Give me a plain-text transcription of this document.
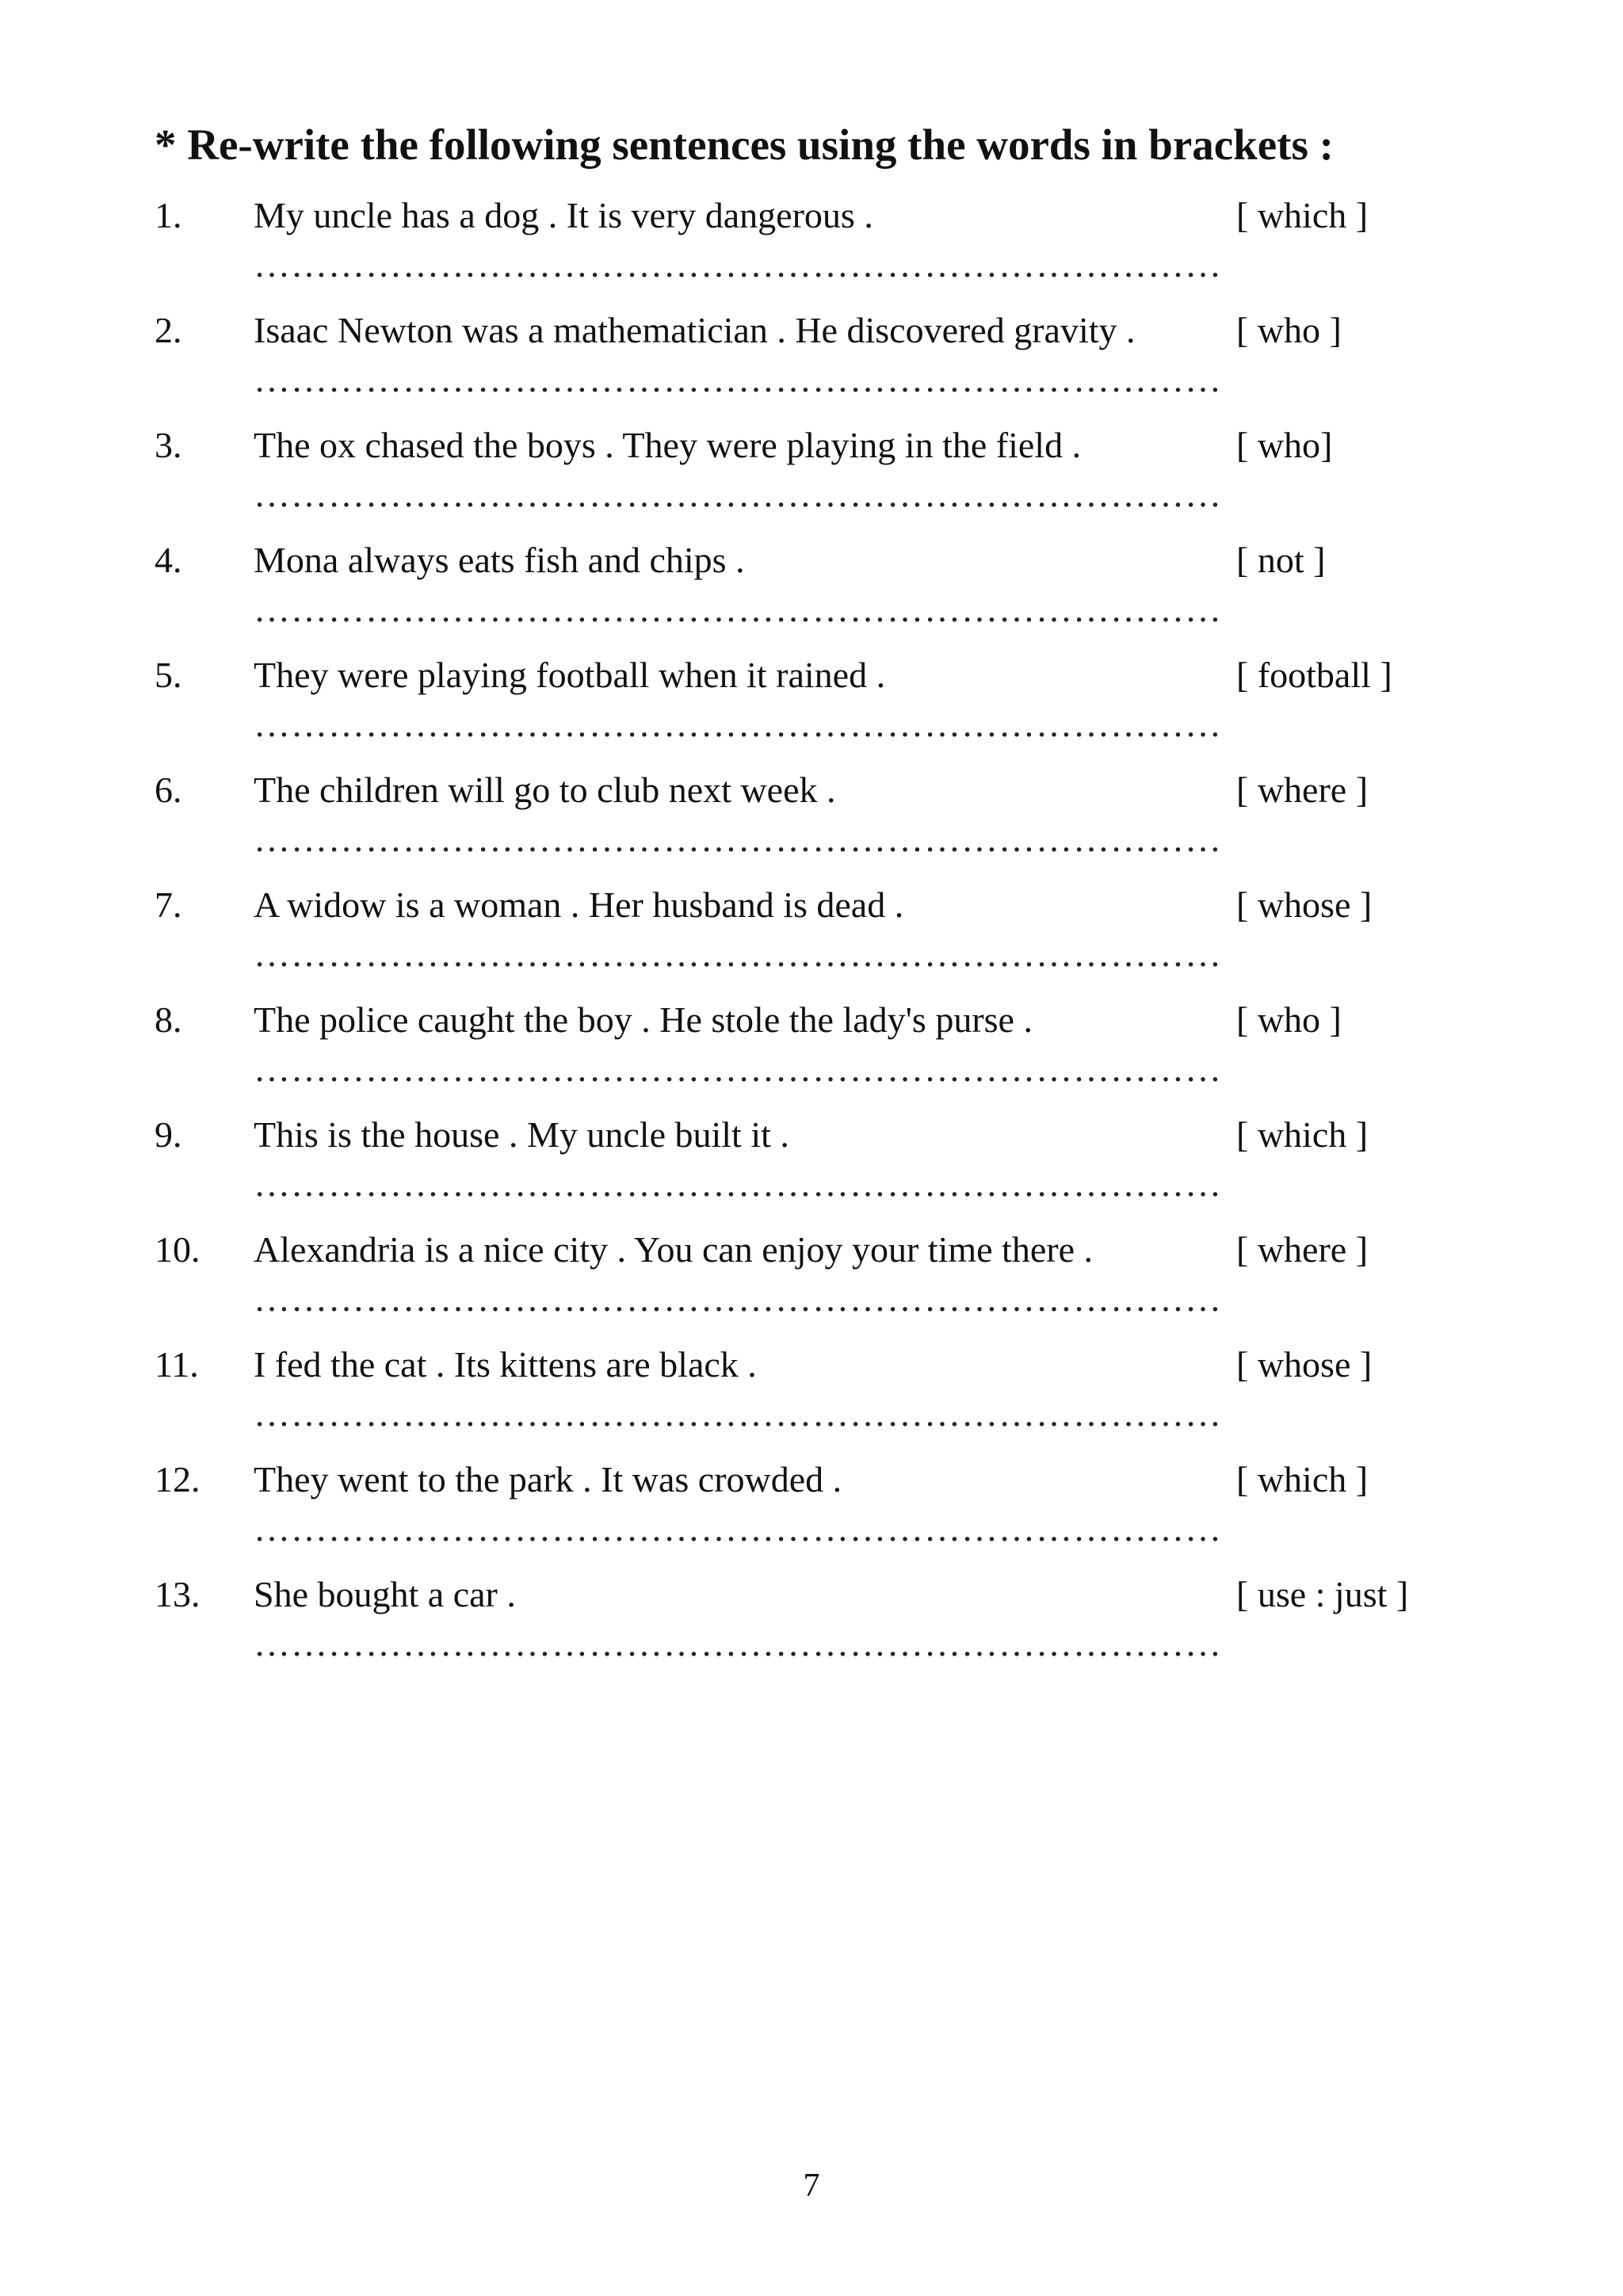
* Re-write the following sentences using the words in brackets :
1. My uncle has a dog . It is very dangerous .	[ which ]
……………………………………………………………………
2. Isaac Newton was a mathematician . He discovered gravity .	[ who ]
……………………………………………………………………
3. The ox chased the boys . They were playing in the field .	[ who]
……………………………………………………………………
4. Mona always eats fish and chips .	[ not ]
……………………………………………………………………
5. They were playing football when it rained .	[ football ]
……………………………………………………………………
6. The children will go to club next week .	[ where ]
……………………………………………………………………
7. A widow is a woman . Her husband is dead .	[ whose ]
……………………………………………………………………
8. The police caught the boy . He stole the lady's purse .	[ who ]
……………………………………………………………………
9. This is the house . My uncle built it .	[ which ]
……………………………………………………………………
10. Alexandria is a nice city . You can enjoy your time there .	[ where ]
……………………………………………………………………
11. I fed the cat . Its kittens are black .	[ whose ]
……………………………………………………………………
12. They went to the park . It was crowded .	[ which ]
……………………………………………………………………
13. She bought a car .	[ use : just ]
……………………………………………………………………
7
